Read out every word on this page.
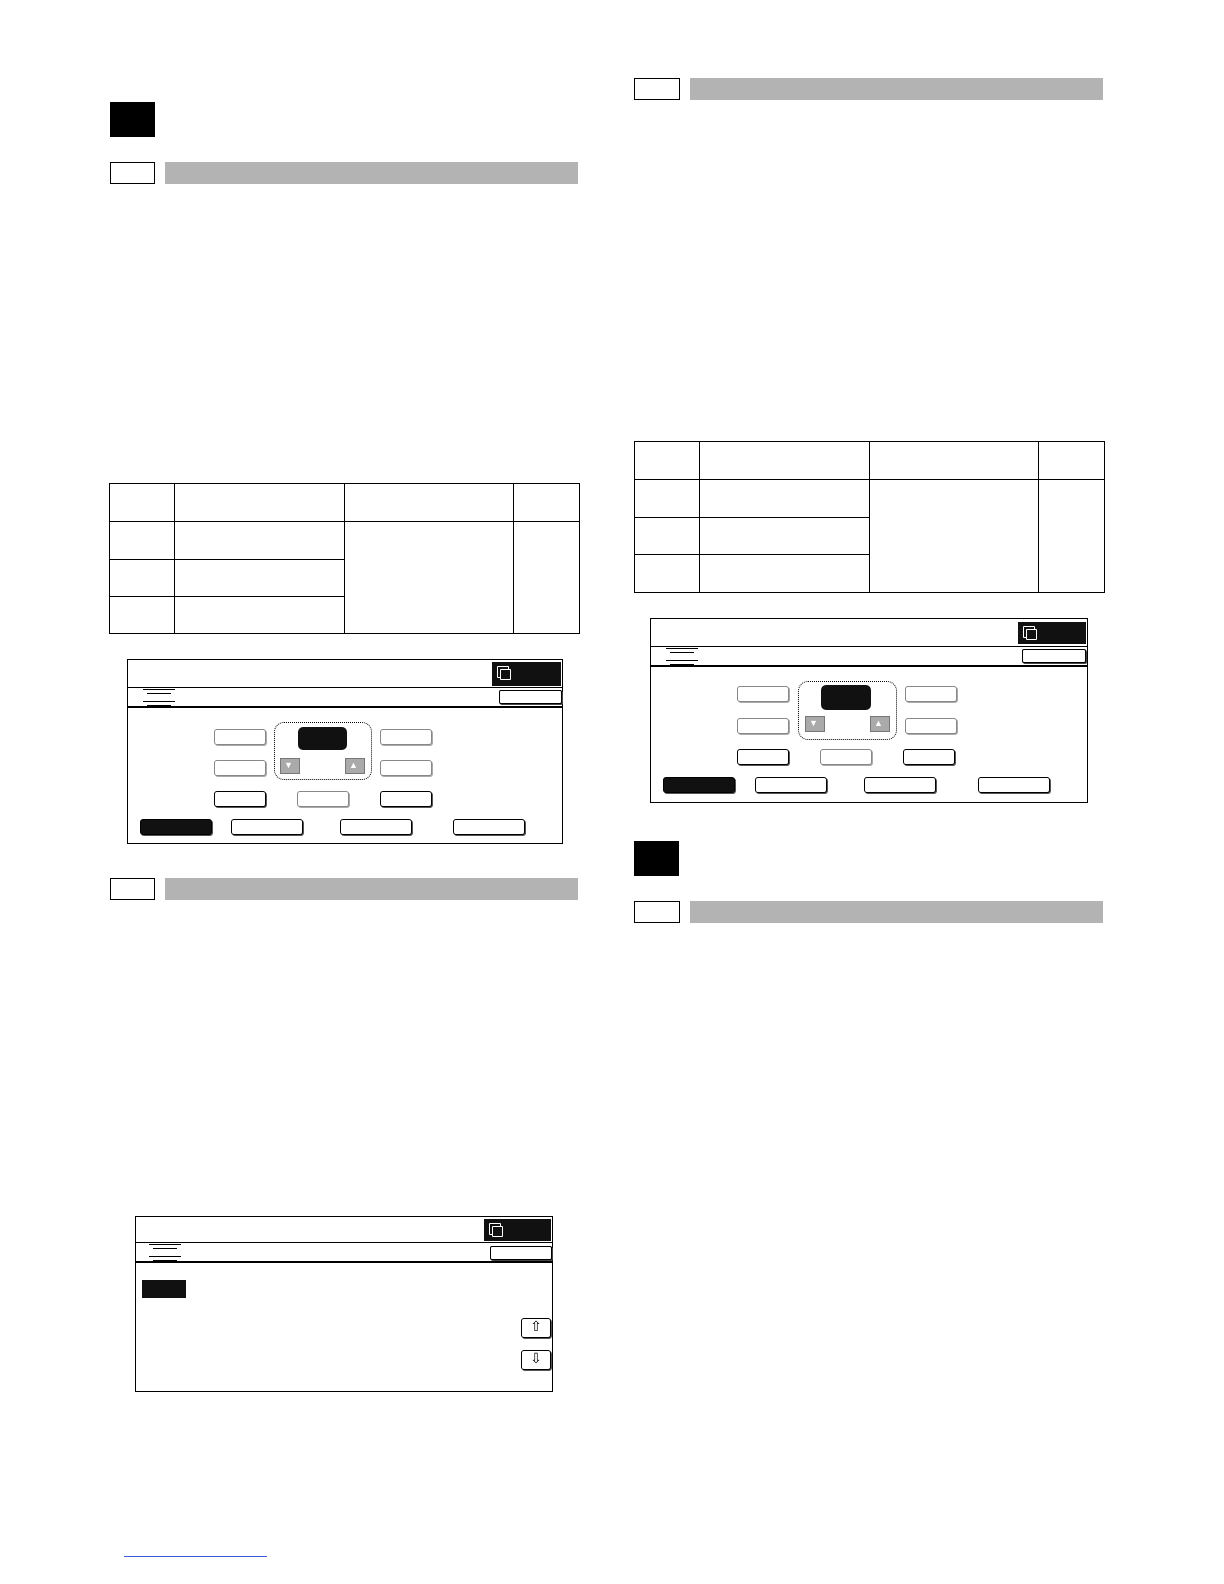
▼	▲
⇧
⇩
▼	▲
